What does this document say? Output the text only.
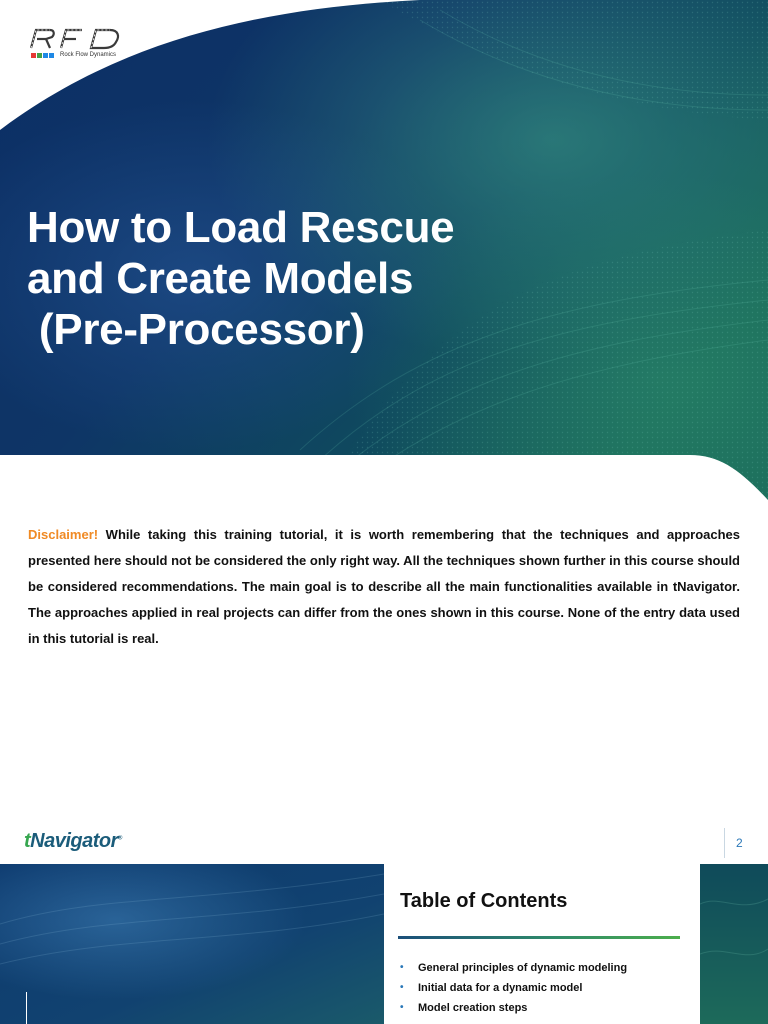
Rock Flow Dynamics
How to Load Rescue
and Create Models
(Pre-Processor)

Disclaimer! While taking this training tutorial, it is worth remembering that the techniques and approaches presented here should not be considered the only right way. All the techniques shown further in this course should be considered recommendations. The main goal is to describe all the main functionalities available in tNavigator. The approaches applied in real projects can differ from the ones shown in this course. None of the entry data used in this tutorial is real.

tNavigator®	2
Table of Contents
• General principles of dynamic modeling
• Initial data for a dynamic model
• Model creation steps
